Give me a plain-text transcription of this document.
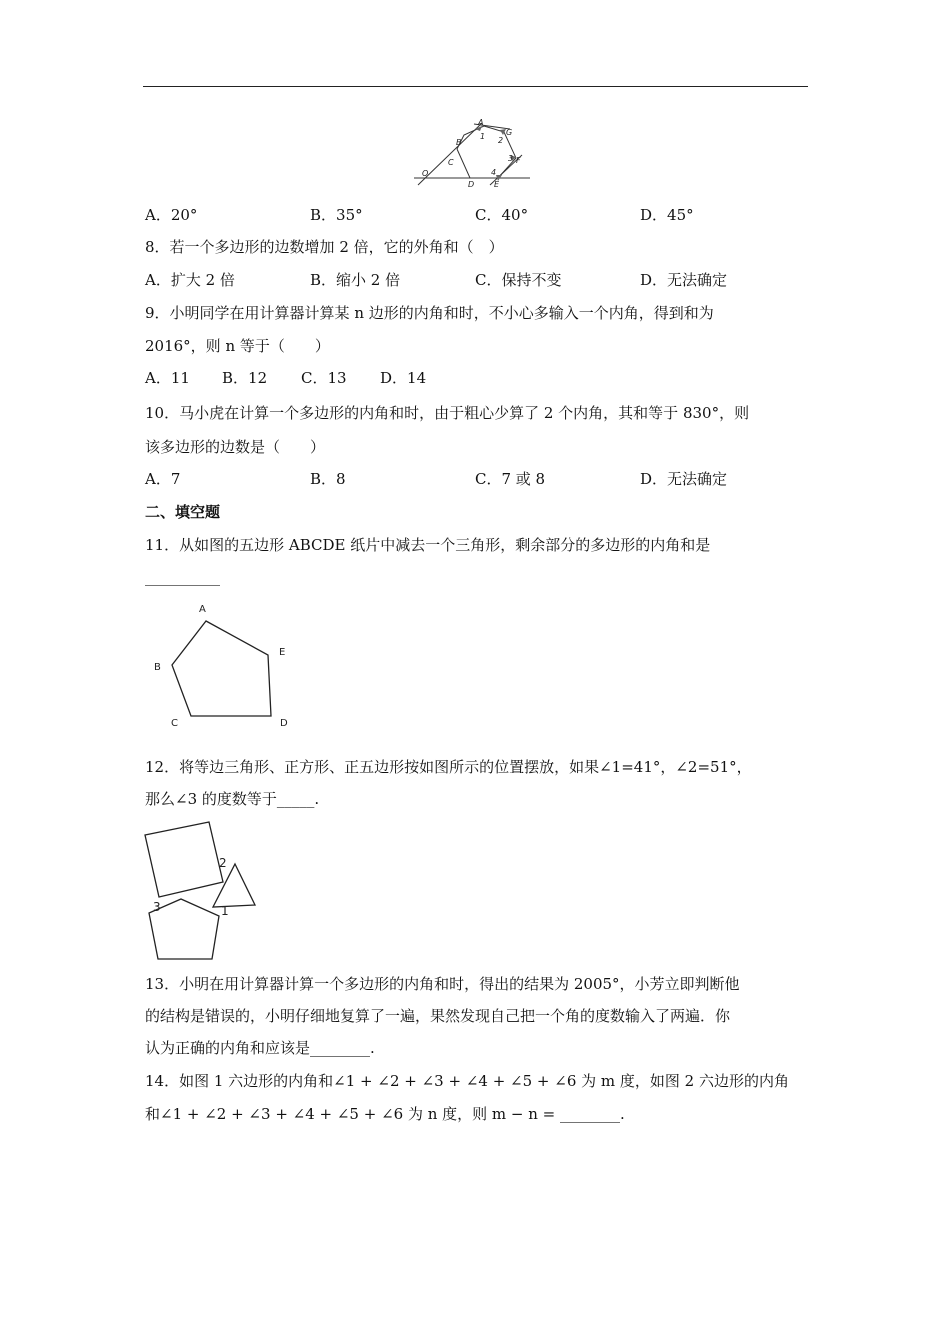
A
G
B
C	F
O
D E
1 2
3
4
A．20°	B．35°	C．40°	D．45°
8．若一个多边形的边数增加 2 倍，它的外角和（　）
A．扩大 2 倍	B．缩小 2 倍	C．保持不变	D．无法确定
9．小明同学在用计算器计算某 n 边形的内角和时，不小心多输入一个内角，得到和为
2016°，则 n 等于（　　）
A．11 B．12 C．13 D．14
10．马小虎在计算一个多边形的内角和时，由于粗心少算了 2 个内角，其和等于 830°，则
该多边形的边数是（　　）
A．7	B．8	C．7 或 8	D．无法确定
二、填空题
11．从如图的五边形 ABCDE 纸片中减去一个三角形，剩余部分的多边形的内角和是
__________
A
B
C	D
E
12．将等边三角形、正方形、正五边形按如图所示的位置摆放，如果∠1=41°，∠2=51°，
那么∠3 的度数等于_____.
2
1
3
13．小明在用计算器计算一个多边形的内角和时，得出的结果为 2005°，小芳立即判断他
的结构是错误的，小明仔细地复算了一遍，果然发现自己把一个角的度数输入了两遍．你
认为正确的内角和应该是________.
14．如图 1 六边形的内角和∠1 + ∠2 + ∠3 + ∠4 + ∠5 + ∠6 为 m 度，如图 2 六边形的内角
和∠1 + ∠2 + ∠3 + ∠4 + ∠5 + ∠6 为 n 度，则 m − n = ________.
